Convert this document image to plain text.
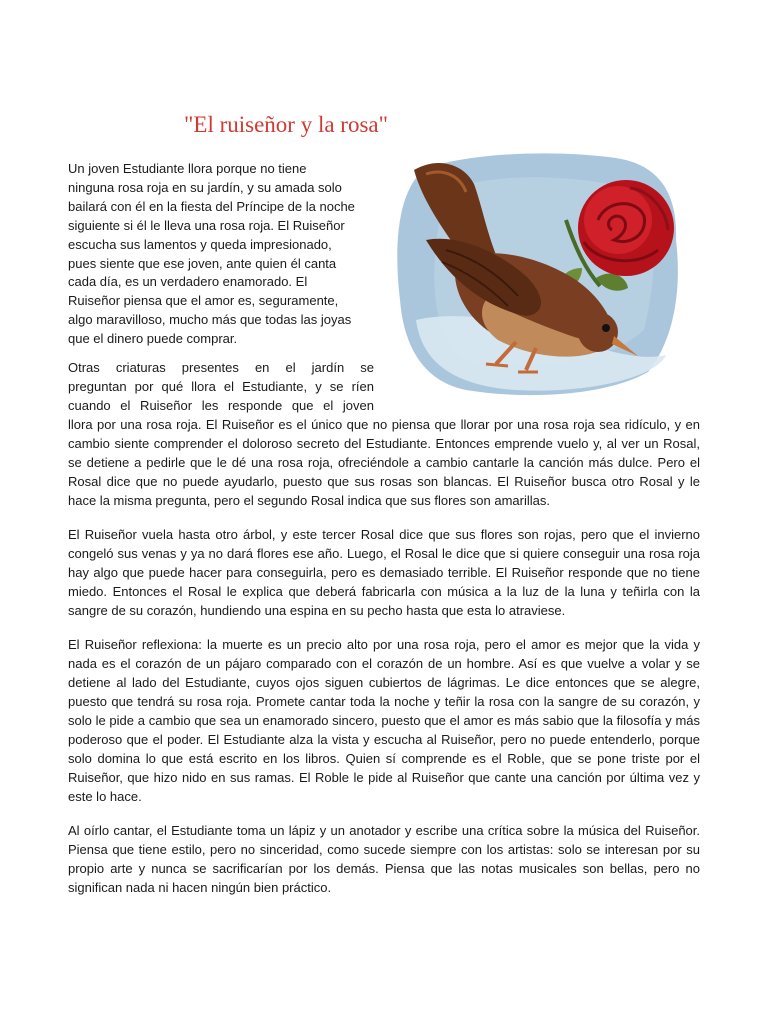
"El ruiseñor y la rosa"

Un joven Estudiante llora porque no tiene
ninguna rosa roja en su jardín, y su amada solo
bailará con él en la fiesta del Príncipe de la noche
siguiente si él le lleva una rosa roja. El Ruiseñor
escucha sus lamentos y queda impresionado,
pues siente que ese joven, ante quien él canta
cada día, es un verdadero enamorado. El
Ruiseñor piensa que el amor es, seguramente,
algo maravilloso, mucho más que todas las joyas
que el dinero puede comprar.

Otras criaturas presentes en el jardín se
preguntan por qué llora el Estudiante, y se ríen
cuando el Ruiseñor les responde que el joven

llora por una rosa roja. El Ruiseñor es el único que no piensa que llorar por una rosa roja sea ridículo, y en cambio siente comprender el doloroso secreto del Estudiante. Entonces emprende vuelo y, al ver un Rosal, se detiene a pedirle que le dé una rosa roja, ofreciéndole a cambio cantarle la canción más dulce. Pero el Rosal dice que no puede ayudarlo, puesto que sus rosas son blancas. El Ruiseñor busca otro Rosal y le hace la misma pregunta, pero el segundo Rosal indica que sus flores son amarillas.

El Ruiseñor vuela hasta otro árbol, y este tercer Rosal dice que sus flores son rojas, pero que el invierno congeló sus venas y ya no dará flores ese año. Luego, el Rosal le dice que si quiere conseguir una rosa roja hay algo que puede hacer para conseguirla, pero es demasiado terrible. El Ruiseñor responde que no tiene miedo. Entonces el Rosal le explica que deberá fabricarla con música a la luz de la luna y teñirla con la sangre de su corazón, hundiendo una espina en su pecho hasta que esta lo atraviese.

El Ruiseñor reflexiona: la muerte es un precio alto por una rosa roja, pero el amor es mejor que la vida y nada es el corazón de un pájaro comparado con el corazón de un hombre. Así es que vuelve a volar y se detiene al lado del Estudiante, cuyos ojos siguen cubiertos de lágrimas. Le dice entonces que se alegre, puesto que tendrá su rosa roja. Promete cantar toda la noche y teñir la rosa con la sangre de su corazón, y solo le pide a cambio que sea un enamorado sincero, puesto que el amor es más sabio que la filosofía y más poderoso que el poder. El Estudiante alza la vista y escucha al Ruiseñor, pero no puede entenderlo, porque solo domina lo que está escrito en los libros. Quien sí comprende es el Roble, que se pone triste por el Ruiseñor, que hizo nido en sus ramas. El Roble le pide al Ruiseñor que cante una canción por última vez y este lo hace.

Al oírlo cantar, el Estudiante toma un lápiz y un anotador y escribe una crítica sobre la música del Ruiseñor. Piensa que tiene estilo, pero no sinceridad, como sucede siempre con los artistas: solo se interesan por su propio arte y nunca se sacrificarían por los demás. Piensa que las notas musicales son bellas, pero no significan nada ni hacen ningún bien práctico.
